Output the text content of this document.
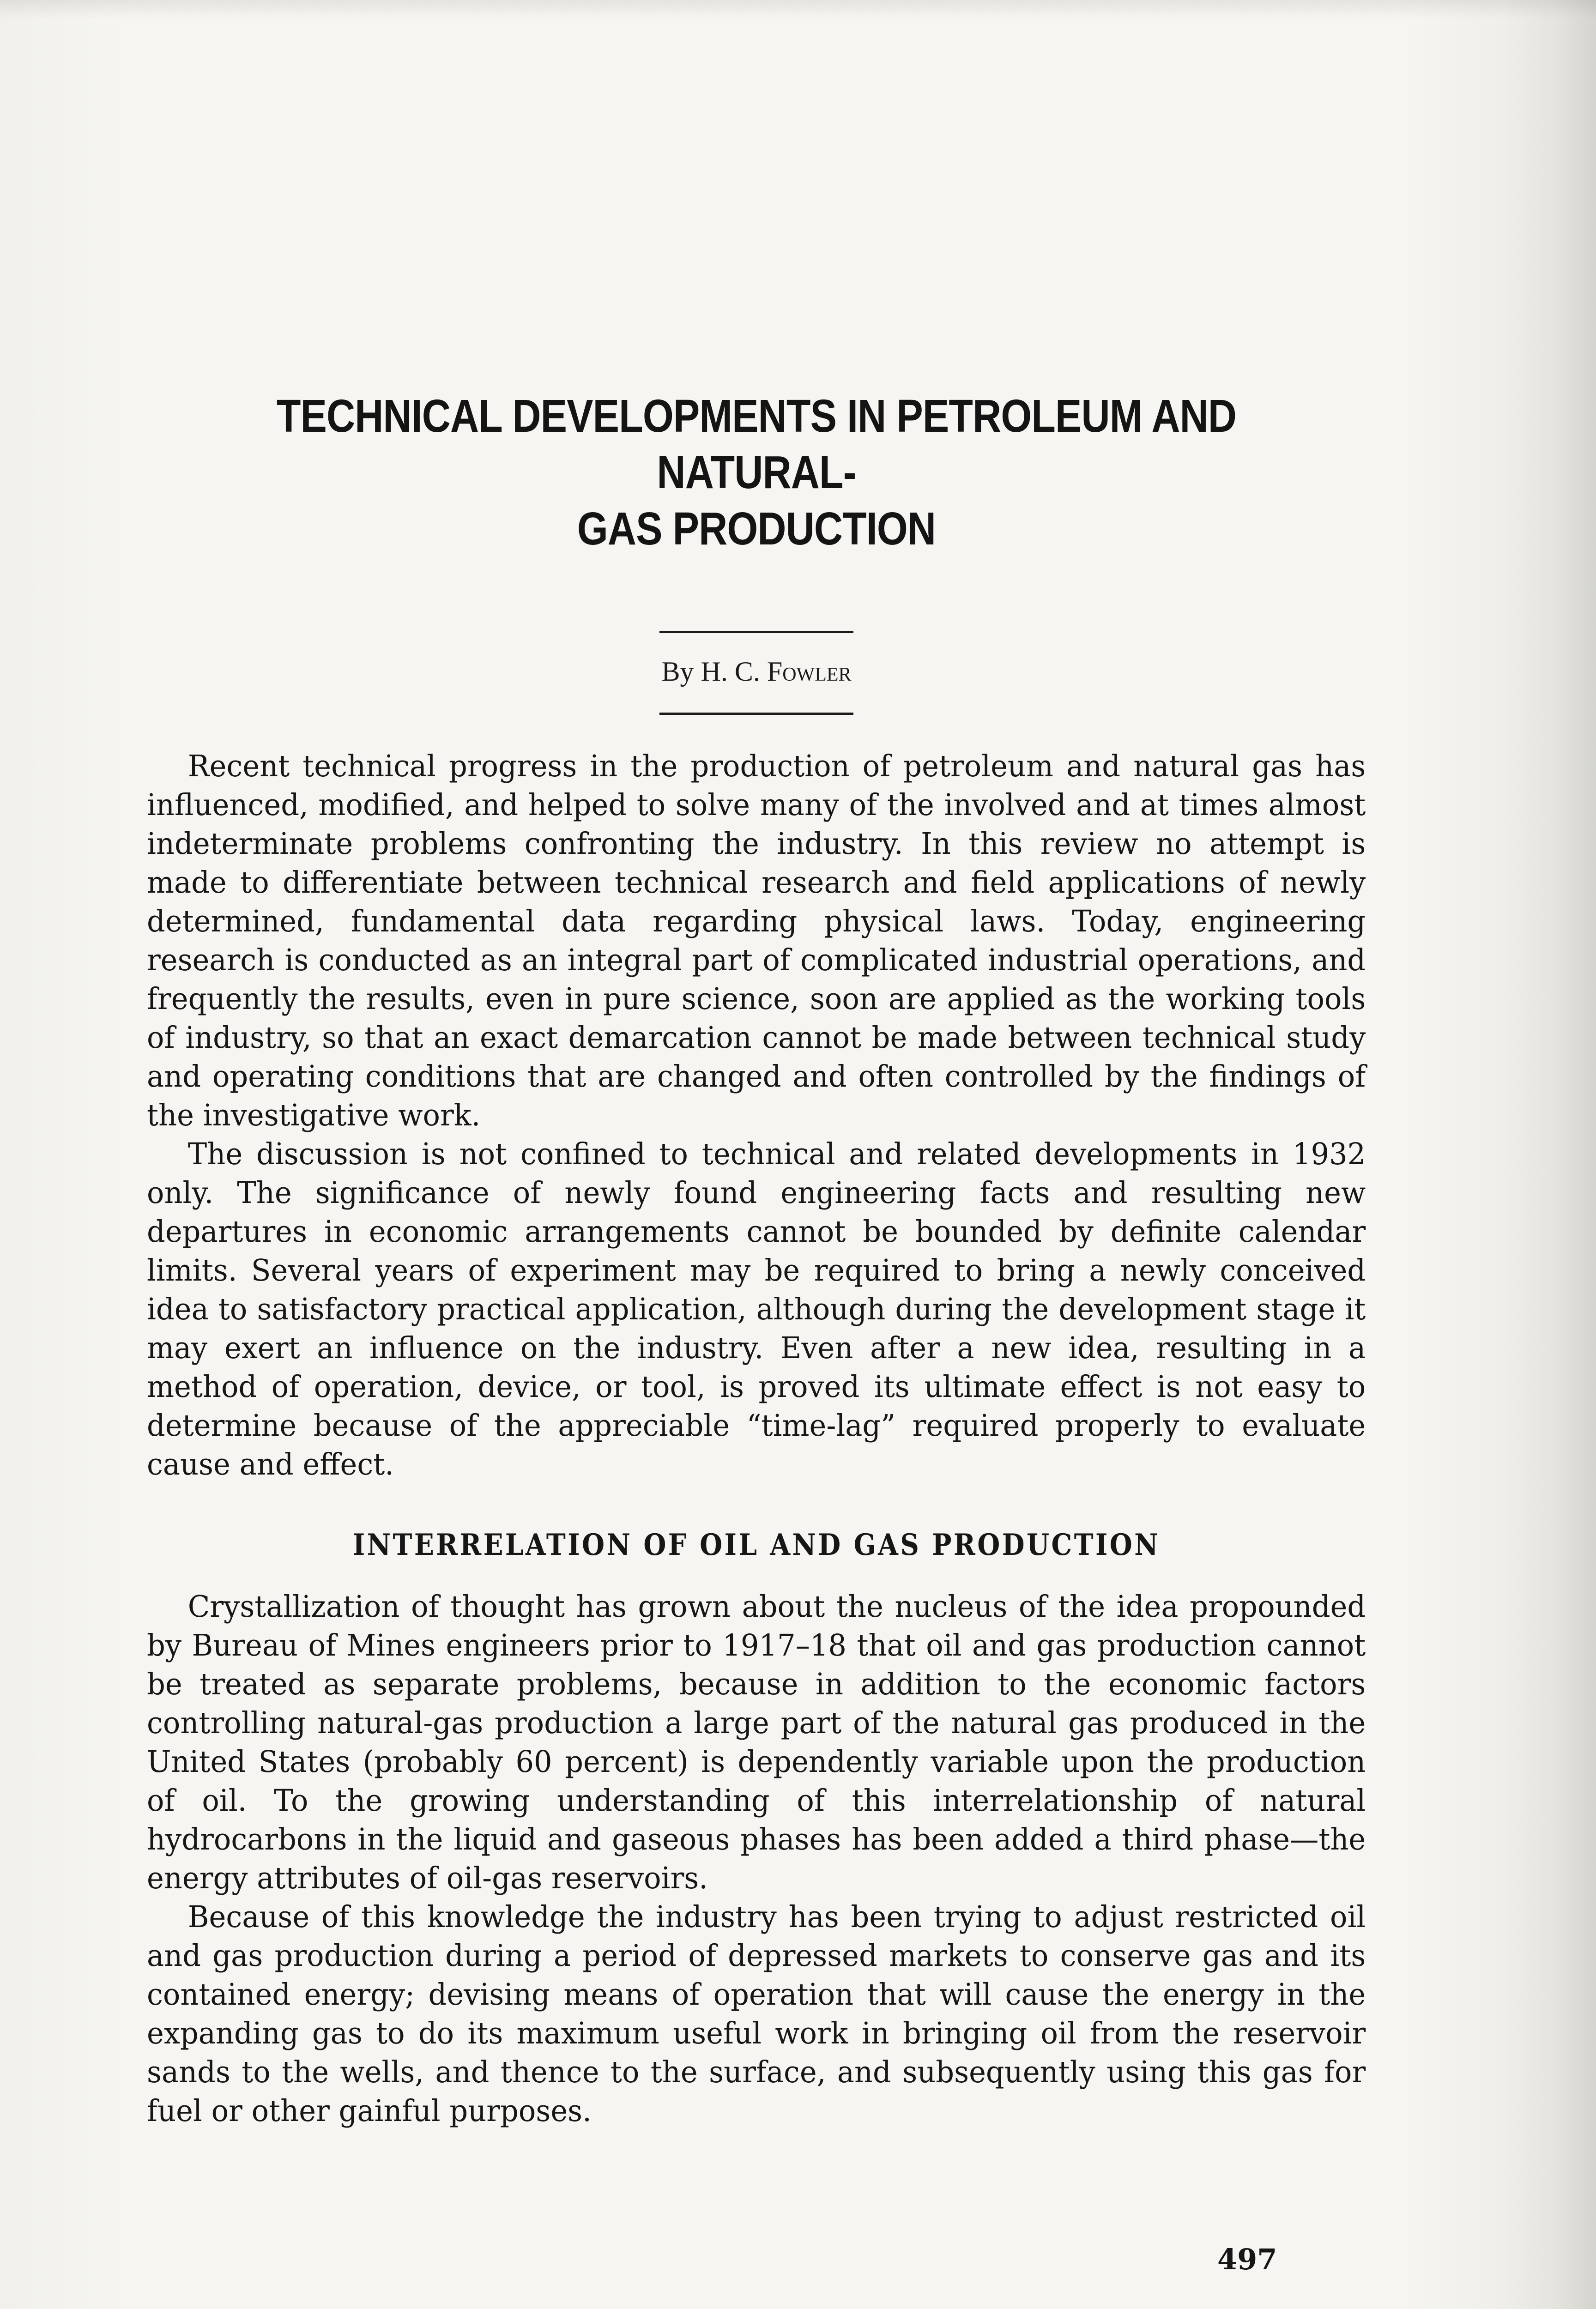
TECHNICAL DEVELOPMENTS IN PETROLEUM AND NATURAL-
GAS PRODUCTION
By H. C. Fowler

Recent technical progress in the production of petroleum and natural gas has influenced, modified, and helped to solve many of the involved and at times almost indeterminate problems confronting the industry. In this review no attempt is made to differentiate between technical research and field applications of newly determined, fundamental data regarding physical laws. Today, engineering research is conducted as an integral part of complicated industrial operations, and frequently the results, even in pure science, soon are applied as the working tools of industry, so that an exact demarcation cannot be made between technical study and operating conditions that are changed and often controlled by the findings of the investigative work.

The discussion is not confined to technical and related developments in 1932 only. The significance of newly found engineering facts and resulting new departures in economic arrangements cannot be bounded by definite calendar limits. Several years of experiment may be required to bring a newly conceived idea to satisfactory practical application, although during the development stage it may exert an influence on the industry. Even after a new idea, resulting in a method of operation, device, or tool, is proved its ultimate effect is not easy to determine because of the appreciable “time-lag” required properly to evaluate cause and effect.

INTERRELATION OF OIL AND GAS PRODUCTION

Crystallization of thought has grown about the nucleus of the idea propounded by Bureau of Mines engineers prior to 1917–18 that oil and gas production cannot be treated as separate problems, because in addition to the economic factors controlling natural-gas production a large part of the natural gas produced in the United States (probably 60 percent) is dependently variable upon the production of oil. To the growing understanding of this interrelationship of natural hydrocarbons in the liquid and gaseous phases has been added a third phase—the energy attributes of oil-gas reservoirs.

Because of this knowledge the industry has been trying to adjust restricted oil and gas production during a period of depressed markets to conserve gas and its contained energy; devising means of operation that will cause the energy in the expanding gas to do its maximum useful work in bringing oil from the reservoir sands to the wells, and thence to the surface, and subsequently using this gas for fuel or other gainful purposes.

497
